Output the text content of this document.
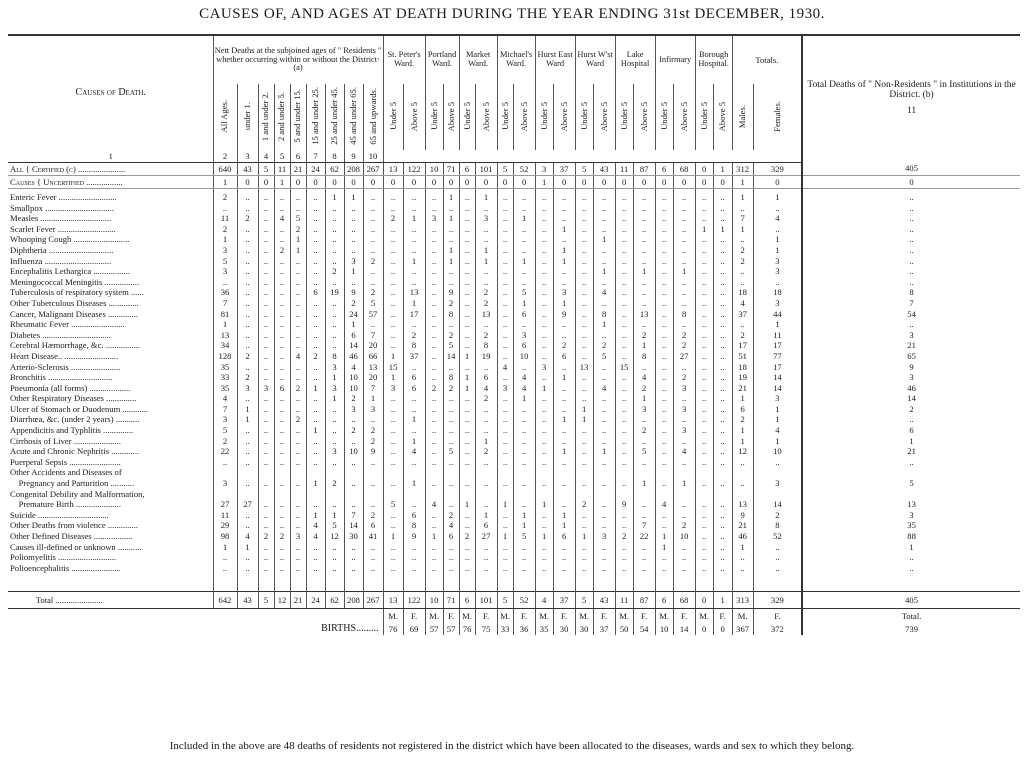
CAUSES OF, AND AGES AT DEATH DURING THE YEAR ENDING 31st DECEMBER, 1930.
Causes of Death.	Nett Deaths at the subjoined ages of " Residents " whether occurring within or without the District· (a)									St. Peter's Ward.		Portland Ward.		Market Ward.		Michael's Ward.		Hurst East Ward		Hurst W'st Ward		Lake Hospital		Infirmary		Borough Hospital.		Totals.		Total Deaths of " Non-Residents " in Institutions in the District. (b)
11

	All Ages.	under 1.	1 and under 2.	2 and under 5.	5 and under 15.	15 and under 25.	25 and under 45.	45 and under 65.	65 and upwards.	Under 5	Above 5	Under 5	Above 5	Under 5	Above 5	Under 5	Above 5	Under 5	Above 5	Under 5	Above 5	Under 5	Above 5	Under 5	Above 5	Under 5	Above 5	Males.	Females.	
1	2	3	4	5	6	7	8	9	10																					
All { Certified (c) ......................	640	43	5	11	21	24	62	208	267	13	122	10	71	6	101	5	52	3	37	5	43	11	87	6	68	0	1	312	329	405
Causes { Uncertified .................	1	0	0	1	0	0	0	0	0	0	0	0	0	0	0	0	0	1	0	0	0	0	0	0	0	0	0	1	0	0
Enteric Fever ...........................	2	..	..	..	..	..	1	1	..	..	..	..	1	..	1	..	..	..	..	..	..	..	..	..	..	..	..	1	1	..
Smallpox ................................	..	..	..	..	..	..	..	..	..	..	..	..	..	..	..	..	..	..	..	..	..	..	..	..	..	..	..	..	..	..
Measles .................................	11	2	..	4	5	..	..	..	..	2	1	3	1	..	3	..	1	..	..	..	..	..	..	..	..	..	..	7	4	..
Scarlet Fever ...........................	2	..	..	..	2	..	..	..	..	..	..	..	..	..	..	..	..	..	1	..	..	..	..	..	..	1	1	1	..	..
Whooping Cough ..........................	1	..	..	..	1	..	..	..	..	..	..	..	..	..	..	..	..	..	..	..	1	..	..	..	..	..	..	..	1	..
Diphtheria ..............................	3	..	..	2	1	..	..	..	..	..	..	..	1	..	1	..	..	..	1	..	..	..	..	..	..	..	..	2	1	..
Influenza ...............................	5	..	..	..	..	..	..	3	2	..	1	..	1	..	1	..	1	..	1	..	..	..	..	..	..	..	..	2	3	..
Encephalitis Lethargica .................	3	..	..	..	..	..	2	1	..	..	..	..	..	..	..	..	..	..	..	..	1	..	1	..	1	..	..	..	3	..
Meningococcal Meningitis ................	..	..	..	..	..	..	..	..	..	..	..	..	..	..	..	..	..	..	..	..	..	..	..	..	..	..	..	..	..	..
Tuberculosis of respiratory system ......	36	..	..	..	..	6	19	9	2	..	13	..	9	..	2	..	5	..	3	..	4	..	..	..	..	..	..	18	18	8
Other Tuberculous Diseases ..............	7	..	..	..	..	..	..	2	5	..	1	..	2	..	2	..	1	..	1	..	..	..	..	..	..	..	..	4	3	7
Cancer, Malignant Diseases ..............	81	..	..	..	..	..	..	24	57	..	17	..	8	..	13	..	6	..	9	..	8	..	13	..	8	..	..	37	44	54
Rheumatic Fever .........................	1	..	..	..	..	..	..	1	..	..	..	..	..	..	..	..	..	..	..	..	1	..	..	..	..	..	..	..	1	..
Diabetes ................................	13	..	..	..	..	..	..	6	7	..	2	..	2	..	2	..	3	..	..	..	..	..	2	..	2	..	..	2	11	3
Cerebral Hæmorrhage, &c. ................	34	..	..	..	..	..	..	14	20	..	8	..	5	..	8	..	6	..	2	..	2	..	1	..	2	..	..	17	17	21
Heart Disease.. .........................	128	2	..	..	4	2	8	46	66	1	37	..	14	1	19	..	10	..	6	..	5	..	8	..	27	..	..	51	77	65
Arterio-Sclerosis .......................	35	..	..	..	..	..	3	4	13	15	..	..	..	..	..	4	..	3	..	13	..	15	..	..	..	..	..	18	17	9
Bronchitis ..............................	33	2	..	..	..	..	1	10	20	1	6	..	8	1	6	..	4	..	1	..	..	..	4	..	2	..	..	19	14	3
Pneumonia (all forms) ...................	35	3	3	6	2	1	3	10	7	3	6	2	2	1	4	3	4	1	..	..	4	..	2	..	3	..	..	21	14	46
Other Respiratory Diseases ..............	4	..	..	..	..	..	1	2	1	..	..	..	..	..	2	..	1	..	..	..	..	..	1	..	..	..	..	1	3	14
Ulcer of Stomach or Duodenum ............	7	1	..	..	..	..	..	3	3	..	..	..	..	..	..	..	..	..	..	1	..	..	3	..	3	..	..	6	1	2
Diarrhœa, &c. (under 2 years) ...........	3	1	..	..	2	..	..	..	..	..	1	..	..	..	..	..	..	..	1	1	..	..	..	..	..	..	..	2	1	..
Appendicitis and Typhlitis ..............	5	..	..	..	..	1	..	2	2	..	..	..	..	..	..	..	..	..	..	..	..	..	2	..	3	..	..	1	4	6
Cirrhosis of Liver ......................	2	..	..	..	..	..	..	..	2	..	1	..	..	..	1	..	..	..	..	..	..	..	..	..	..	..	..	1	1	1
Acute and Chronic Nephritis .............	22	..	..	..	..	..	3	10	9	..	4	..	5	..	2	..	..	..	1	..	1	..	5	..	4	..	..	12	10	21
Puerperal Sepsis ........................	..	..	..	..	..	..	..	..	..	..	..	..	..	..	..	..	..	..	..	..	..	..	..	..	..	..	..	..	..	..
Other Accidents and Diseases of																														
Pregnancy and Parturition ...........	3	..	..	..	..	1	2	..	..	..	1	..	..	..	..	..	..	..	..	..	..	..	1	..	1	..	..	..	3	5
Congenital Debility and Malformation,																														
Premature Birth .....................	27	27	..	..	..	..	..	..	..	5	..	4	..	1	..	1	..	1	..	2	..	9	..	4	..	..	..	13	14	13
Suicide .................................	11	..	..	..	..	1	1	7	2	..	6	..	2	..	1	..	1	..	1	..	..	..	..	..	..	..	..	9	2	3
Other Deaths from violence ..............	29	..	..	..	..	4	5	14	6	..	8	..	4	..	6	..	1	..	1	..	..	..	7	..	2	..	..	21	8	35
Other Defined Diseases ..................	98	4	2	2	3	4	12	30	41	1	9	1	6	2	27	1	5	1	6	1	3	2	22	1	10	..	..	46	52	88
Causes ill-defined or unknown ...........	1	1	..	..	..	..	..	..	..	..	..	..	..	..	..	..	..	..	..	..	..	..	..	1	..	..	..	1	..	1
Poliomyelitis ...........................	..	..	..	..	..	..	..	..	..	..	..	..	..	..	..	..	..	..	..	..	..	..	..	..	..	..	..	..	..	..
Polioencephalitis .......................	..	..	..	..	..	..	..	..	..	..	..	..	..	..	..	..	..	..	..	..	..	..	..	..	..	..	..	..	..	..

Total ......................	642	43	5	12	21	24	62	208	267	13	122	10	71	6	101	5	52	4	37	5	43	11	87	6	68	0	1	313	329	405
										M.	F.	M.	F.	M.	F.	M.	F.	M.	F.	M.	F.	M.	F.	M.	F.	M.	F.	M.	F.	Total.
	BIRTHS.........									76	69	57	57	76	75	33	36	35	30	30	37	50	54	10	14	0	0	367	372	739
Included in the above are 48 deaths of residents not registered in the district which have been allocated to the diseases, wards and sex to which they belong.
